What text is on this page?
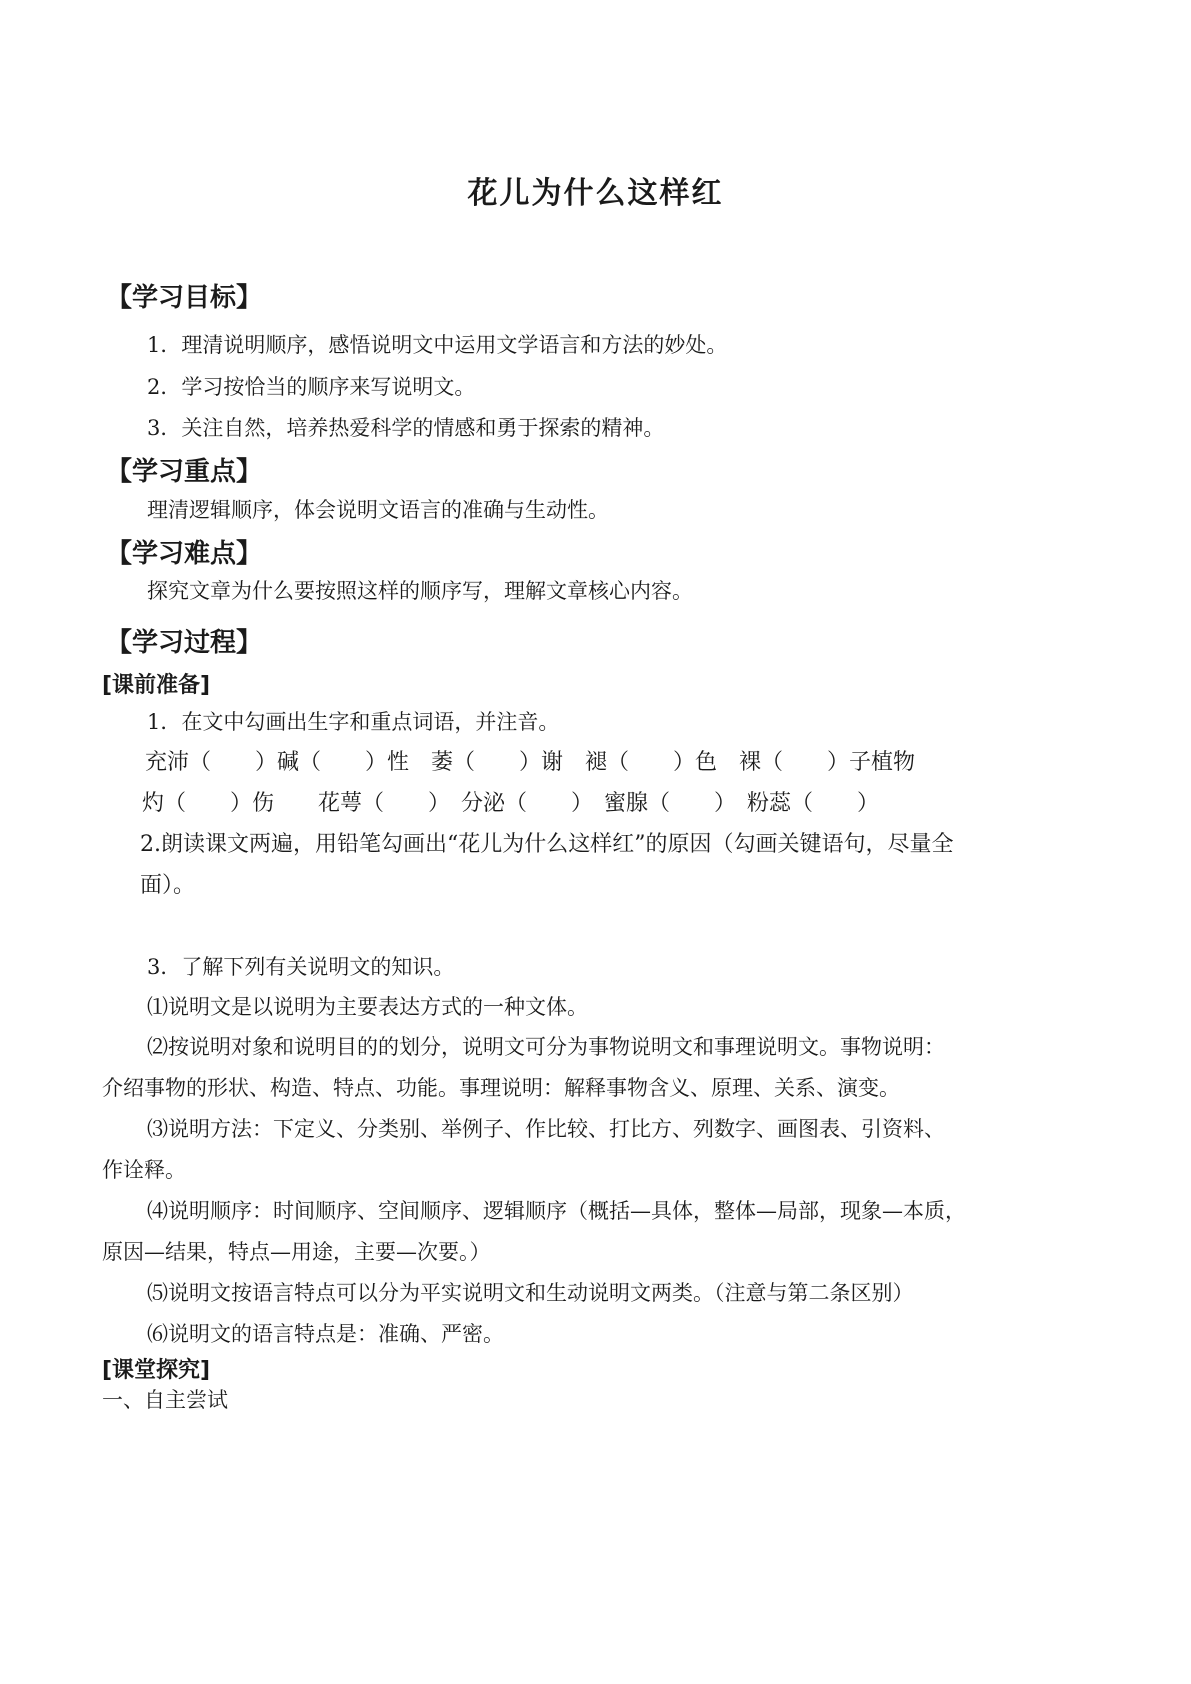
花儿为什么这样红
【学习目标】
1．理清说明顺序，感悟说明文中运用文学语言和方法的妙处。
2．学习按恰当的顺序来写说明文。
3．关注自然，培养热爱科学的情感和勇于探索的精神。
【学习重点】
理清逻辑顺序，体会说明文语言的准确与生动性。
【学习难点】
探究文章为什么要按照这样的顺序写，理解文章核心内容。
【学习过程】
[课前准备]
1．在文中勾画出生字和重点词语，并注音。
充沛（　　）碱（　　）性　萎（　　）谢　褪（　　）色　裸（　　）子植物
灼（　　）伤　　花萼（　　）　分泌（　　）　蜜腺（　　）　粉蕊（　　）
2.朗读课文两遍，用铅笔勾画出“花儿为什么这样红”的原因（勾画关键语句，尽量全
面）。
3．了解下列有关说明文的知识。
⑴说明文是以说明为主要表达方式的一种文体。
⑵按说明对象和说明目的的划分，说明文可分为事物说明文和事理说明文。事物说明：
介绍事物的形状、构造、特点、功能。事理说明：解释事物含义、原理、关系、演变。
⑶说明方法：下定义、分类别、举例子、作比较、打比方、列数字、画图表、引资料、
作诠释。
⑷说明顺序：时间顺序、空间顺序、逻辑顺序（概括—具体，整体—局部，现象—本质，
原因—结果，特点—用途，主要—次要。）
⑸说明文按语言特点可以分为平实说明文和生动说明文两类。（注意与第二条区别）
⑹说明文的语言特点是：准确、严密。
[课堂探究]
一、自主尝试
